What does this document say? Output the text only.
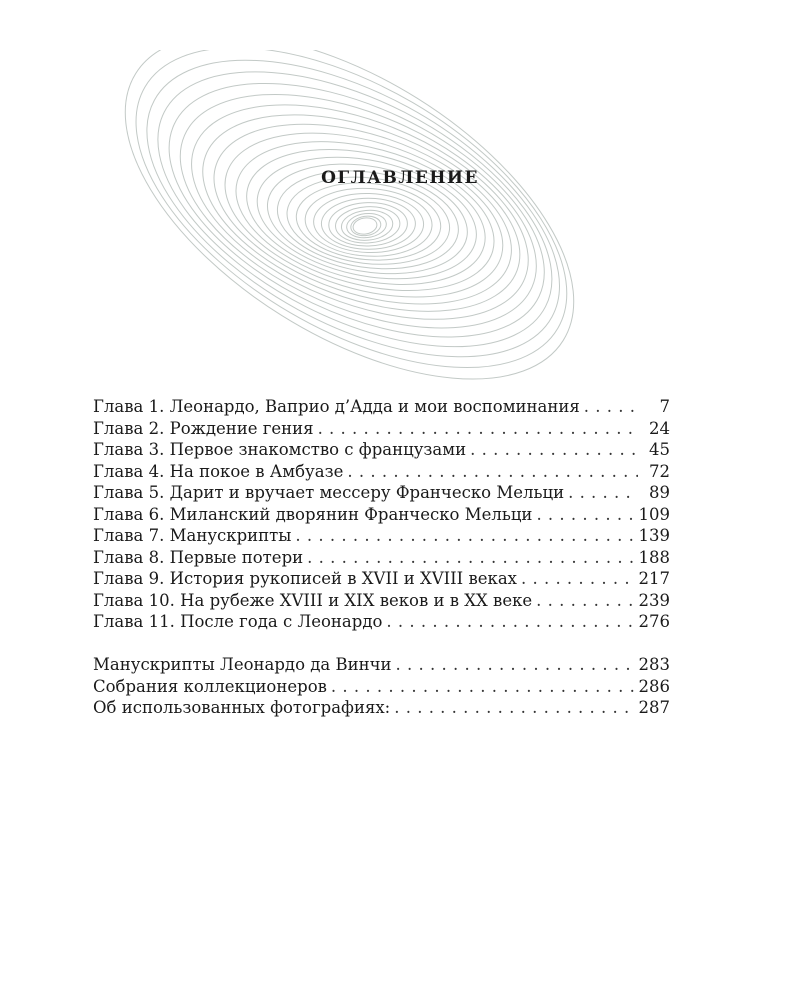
ОГЛАВЛЕНИЕ
Глава 1. Леонардо, Ваприо д’Адда и мои воспоминания . . .	7
Глава 2. Рождение гения . . .	24
Глава 3. Первое знакомство с французами . . .	45
Глава 4. На покое в Амбуазе . . .	72
Глава 5. Дарит и вручает мессеру Франческо Мельци . . .	89
Глава 6. Миланский дворянин Франческо Мельци . . .	109
Глава 7. Манускрипты . . .	139
Глава 8. Первые потери . . .	188
Глава 9. История рукописей в XVII и XVIII веках . . .	217
Глава 10. На рубеже XVIII и XIX веков и в XX веке . . .	239
Глава 11. После года с Леонардо . . .	276
Манускрипты Леонардо да Винчи . . .	283
Собрания коллекционеров . . .	286
Об использованных фотографиях: . . .	287
